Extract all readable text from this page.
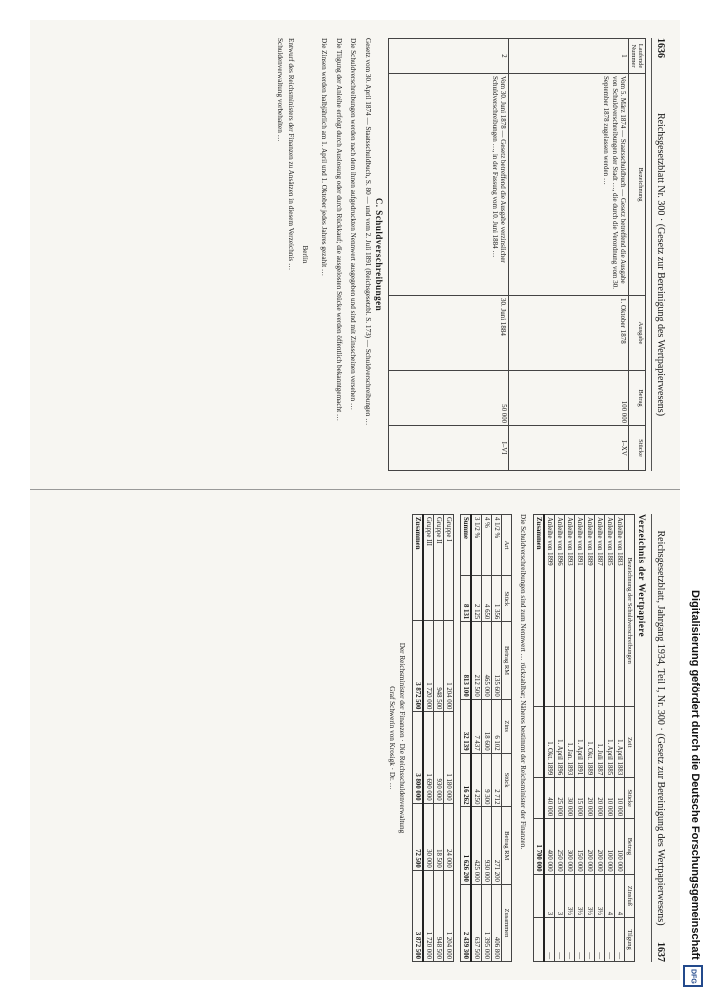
1636
Reichsgesetzblatt Nr. 300 · (Gesetz zur Bereinigung des Wertpapierwesens)
Laufende Nummer	Bezeichnung	Ausgabe	Betrag	Stücke
1	Vom 5. März 1874 — Staatsschuldbuch — Gesetz betreffend die Ausgabe von Schuldverschreibungen der Stadt …, die durch die Verordnung vom 30. September 1878 zugelassen werden …	1. Oktober 1878	100 000	I–XV
2	Vom 30. Juni 1878 — Gesetz betreffend die Ausgabe verzinslicher Schuldverschreibungen …, in der Fassung vom 10. Juni 1884 …	30. Juni 1884	50 000	I–VI
C. Schuldverschreibungen

Gesetz vom 30. April 1874 — Staatsschuldbuch, S. 80 — und vom 2. Juli 1891 (Reichsgesetzbl. S. 173) — Schuldverschreibungen …

Die Schuldverschreibungen werden nach dem ihnen aufgedruckten Nennwert ausgegeben und sind mit Zinsscheinen versehen …

Die Tilgung der Anleihe erfolgt durch Auslosung oder durch Rückkauf; die ausgelosten Stücke werden öffentlich bekanntgemacht …

Die Zinsen werden halbjährlich am 1. April und 1. Oktober jedes Jahres gezahlt …

Berlin

Entwurf des Reichsministers der Finanzen zu Ansätzen in diesem Verzeichnis …

Schuldenverwaltung vorbehalten …

Reichsgesetzblatt, Jahrgang 1934, Teil I, Nr. 300 · (Gesetz zur Bereinigung des Wertpapierwesens)
1637
Verzeichnis der Wertpapiere
Bezeichnung der Schuldverschreibungen	Zeit	Stücke	Betrag	Zinsfuß	Tilgung
Anleihe von 1883	1. April 1883	10 000	100 000	4	—
Anleihe von 1885	1. April 1885	10 000	100 000	4	—
Anleihe von 1887	1. Juli 1887	20 000	200 000	3½	—
Anleihe von 1889	1. Okt. 1889	20 000	200 000	3½	—
Anleihe von 1891	1. April 1891	15 000	150 000	3½	—
Anleihe von 1893	1. Jan. 1893	30 000	300 000	3½	—
Anleihe von 1896	1. April 1896	25 000	250 000	3	—
Anleihe von 1899	1. Okt. 1899	40 000	400 000	3	—
Zusammen			1 700 000		

Die Schuldverschreibungen sind zum Nennwert … rückzahlbar; Näheres bestimmt der Reichsminister der Finanzen.

Art	Stück	Betrag RM	Zins	Stück	Betrag RM	Zusammen
4 1/2 %	1 356	135 600	6 102	2 712	271 200	406 800
4 %	4 650	465 000	18 600	9 300	930 000	1 395 000
3 1/2 %	2 125	212 500	7 437	4 250	425 000	637 500
Summe	8 131	813 100	32 139	16 262	1 626 200	2 439 300
Gruppe I	1 204 000	1 180 000	24 000	1 204 000
Gruppe II	948 500	930 000	18 500	948 500
Gruppe III	1 720 000	1 690 000	30 000	1 720 000
Zusammen	3 872 500	3 800 000	72 500	3 872 500

Der Reichsminister der Finanzen · Die Reichsschuldenverwaltung

Graf Schwerin von Krosigk · Dr. …	Digitalisierung gefördert durch die Deutsche Forschungsgemeinschaft
DFG
